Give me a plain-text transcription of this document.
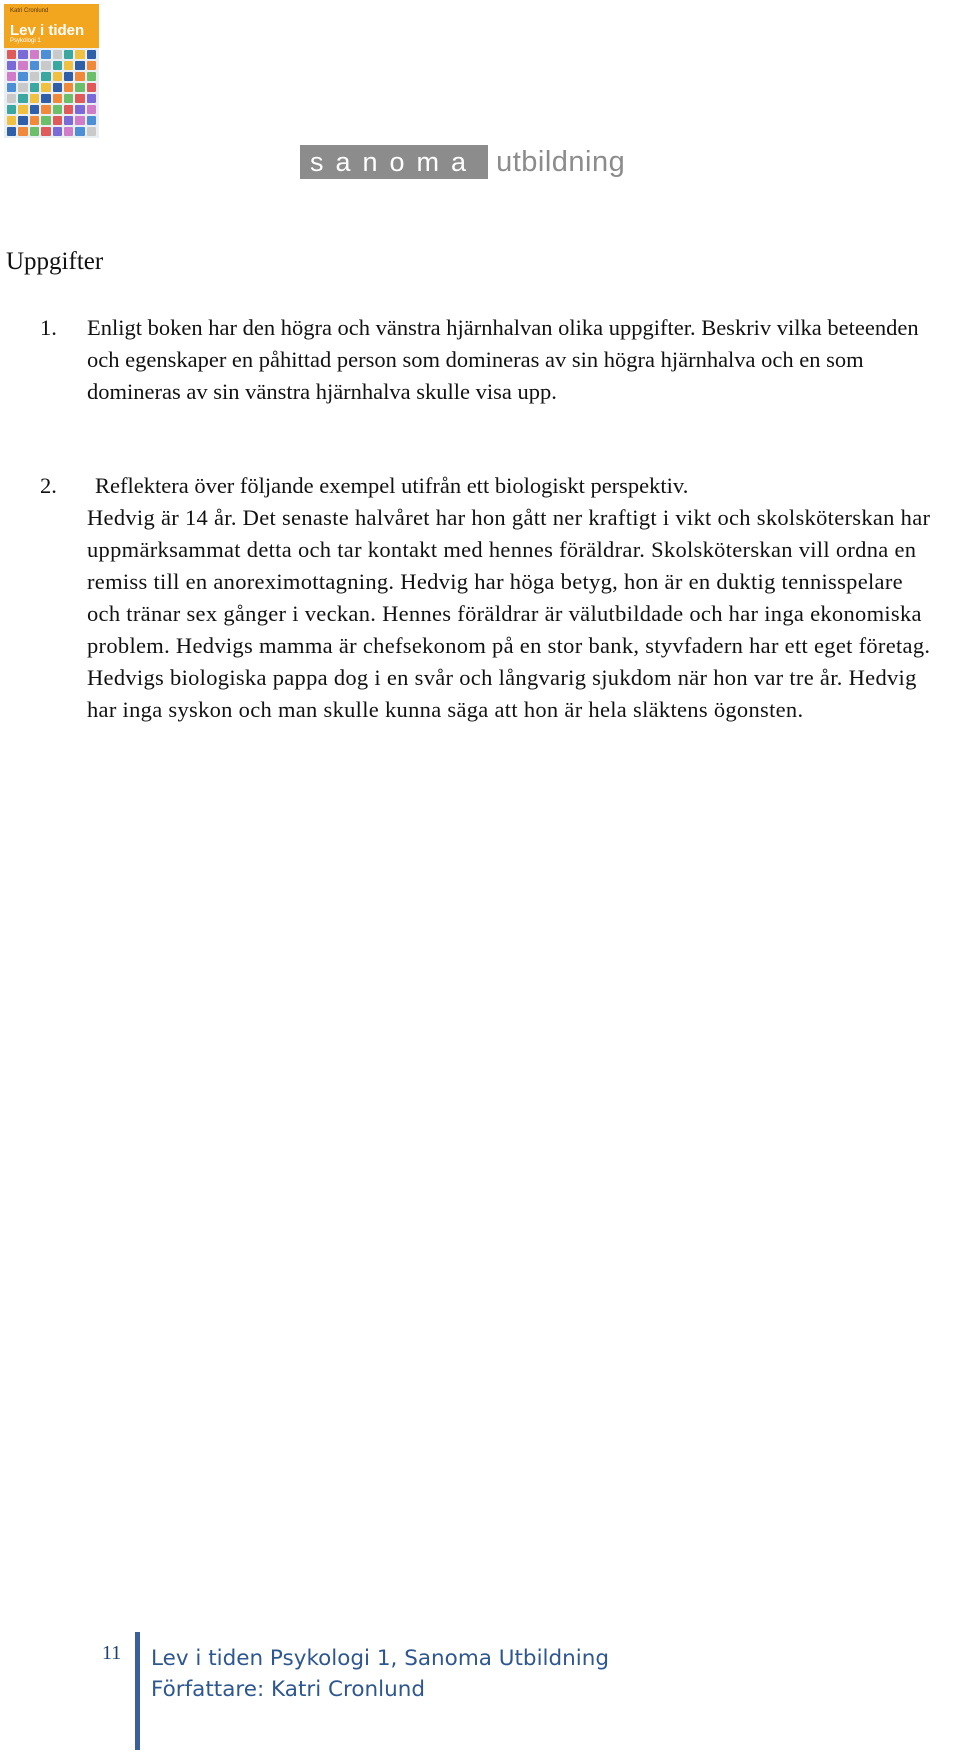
Katri Cronlund
Lev i tiden
Psykologi 1
sanoma utbildning
Uppgifter
1.	Enligt boken har den högra och vänstra hjärnhalvan olika uppgifter. Beskriv vilka beteenden och egenskaper en påhittad person som domineras av sin högra hjärnhalva och en som domineras av sin vänstra hjärnhalva skulle visa upp.
2.	Reflektera över följande exempel utifrån ett biologiskt perspektiv.
Hedvig är 14 år. Det senaste halvåret har hon gått ner kraftigt i vikt och skolsköterskan har uppmärksammat detta och tar kontakt med hennes föräldrar. Skolsköterskan vill ordna en remiss till en anoreximottagning. Hedvig har höga betyg, hon är en duktig tennisspelare och tränar sex gånger i veckan. Hennes föräldrar är välutbildade och har inga ekonomiska problem. Hedvigs mamma är chefsekonom på en stor bank, styvfadern har ett eget företag. Hedvigs biologiska pappa dog i en svår och långvarig sjukdom när hon var tre år. Hedvig har inga syskon och man skulle kunna säga att hon är hela släktens ögonsten.
11 Lev i tiden Psykologi 1, Sanoma Utbildning
Författare: Katri Cronlund
